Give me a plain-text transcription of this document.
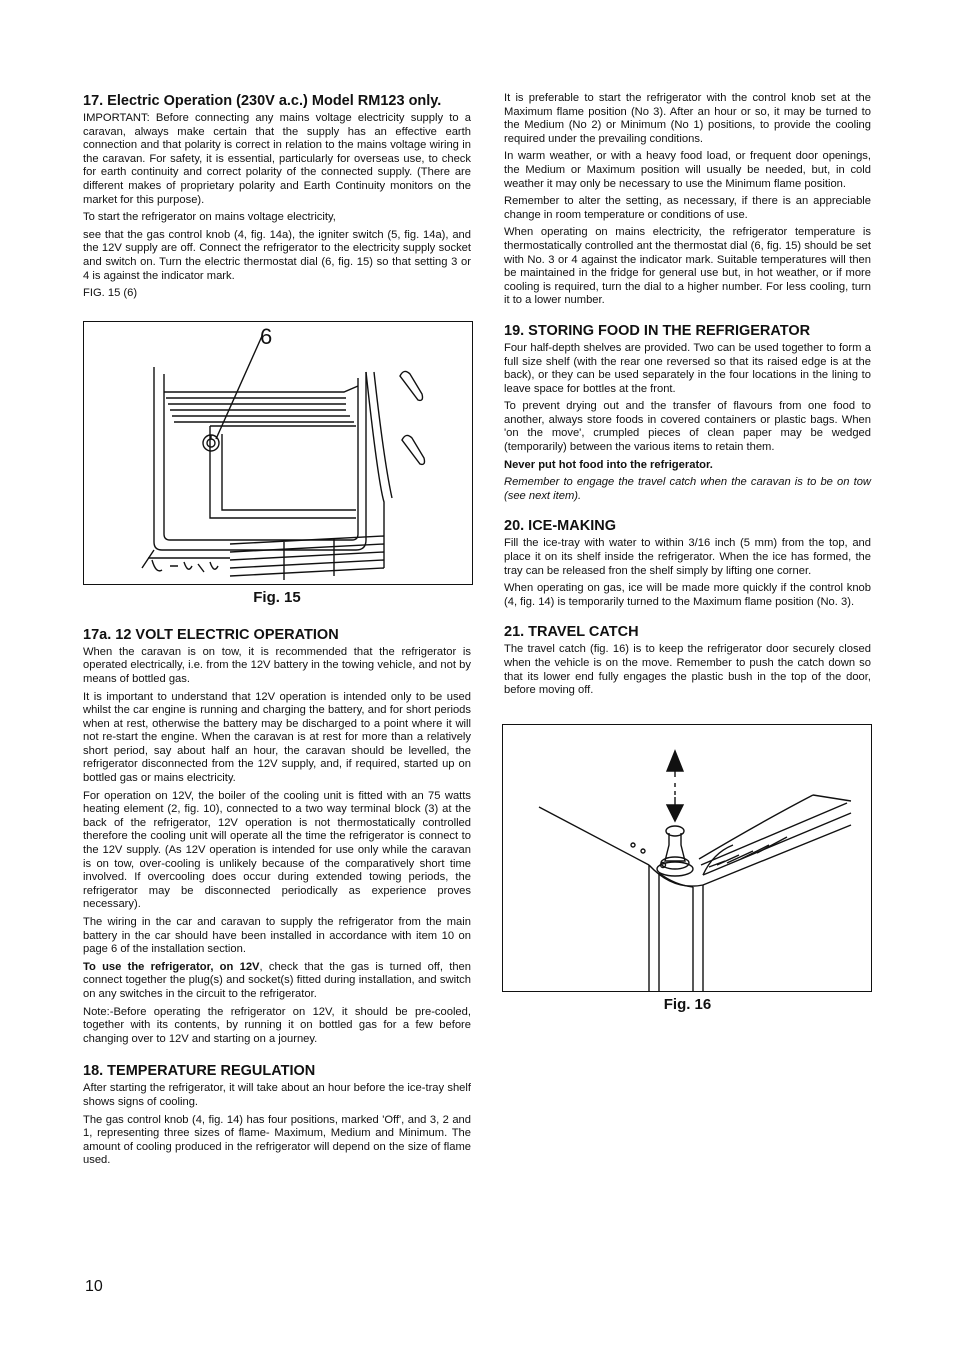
17. Electric Operation (230V a.c.) Model RM123 only.

IMPORTANT: Before connecting any mains voltage electricity supply to a caravan, always make certain that the supply has an effective earth connection and that polarity is correct in relation to the mains voltage wiring in the caravan. For safety, it is essential, particularly for overseas use, to check for earth continuity and correct polarity of the connected supply. (There are different makes of proprietary polarity and Earth Continuity monitors on the market for this purpose).

To start the refrigerator on mains voltage electricity,

see that the gas control knob (4, fig. 14a), the igniter switch (5, fig. 14a), and the 12V supply are off. Connect the refrigerator to the electricity supply socket and switch on. Turn the electric thermostat dial (6, fig. 15) so that setting 3 or 4 is against the indicator mark.

FIG. 15 (6)

6
Fig. 15
17a. 12 VOLT ELECTRIC OPERATION

When the caravan is on tow, it is recommended that the refrigerator is operated electrically, i.e. from the 12V battery in the towing vehicle, and not by means of bottled gas.

It is important to understand that 12V operation is intended only to be used whilst the car engine is running and charging the battery, and for short periods when at rest, otherwise the battery may be discharged to a point where it will not re-start the engine. When the caravan is at rest for more than a relatively short period, say about half an hour, the caravan should be levelled, the refrigerator disconnected from the 12V supply, and, if required, started up on bottled gas or mains electricity.

For operation on 12V, the boiler of the cooling unit is fitted with an 75 watts heating element (2, fig. 10), connected to a two way terminal block (3) at the back of the refrigerator, 12V operation is not thermostatically controlled therefore the cooling unit will operate all the time the refrigerator is connect to the 12V supply. (As 12V operation is intended for use only while the caravan is on tow, over-cooling is unlikely because of the comparatively short time involved. If overcooling does occur during extended towing periods, the refrigerator may be disconnected periodically as experience proves necessary).

The wiring in the car and caravan to supply the refrigerator from the main battery in the car should have been installed in accordance with item 10 on page 6 of the installation section.

To use the refrigerator, on 12V, check that the gas is turned off, then connect together the plug(s) and socket(s) fitted during installation, and switch on any switches in the circuit to the refrigerator.

Note:-Before operating the refrigerator on 12V, it should be pre-cooled, together with its contents, by running it on bottled gas for a few before changing over to 12V and starting on a journey.

18. TEMPERATURE REGULATION

After starting the refrigerator, it will take about an hour before the ice-tray shelf shows signs of cooling.

The gas control knob (4, fig. 14) has four positions, marked 'Off', and 3, 2 and 1, representing three sizes of flame- Maximum, Medium and Minimum. The amount of cooling produced in the refrigerator will depend on the size of flame used.

It is preferable to start the refrigerator with the control knob set at the Maximum flame position (No 3). After an hour or so, it may be turned to the Medium (No 2) or Minimum (No 1) positions, to provide the cooling required under the prevailing conditions.

In warm weather, or with a heavy food load, or frequent door openings, the Medium or Maximum position will usually be needed, but, in cold weather it may only be necessary to use the Minimum flame position.

Remember to alter the setting, as necessary, if there is an appreciable change in room temperature or conditions of use.

When operating on mains electricity, the refrigerator temperature is thermostatically controlled ant the thermostat dial (6, fig. 15) should be set with No. 3 or 4 against the indicator mark. Suitable temperatures will then be maintained in the fridge for general use but, in hot weather, or if more cooling is required, turn the dial to a higher number. For less cooling, turn it to a lower number.

19. STORING FOOD IN THE REFRIGERATOR

Four half-depth shelves are provided. Two can be used together to form a full size shelf (with the rear one reversed so that its raised edge is at the back), or they can be used separately in the four locations in the lining to leave space for bottles at the front.

To prevent drying out and the transfer of flavours from one food to another, always store foods in covered containers or plastic bags. When 'on the move', crumpled pieces of clean paper may be wedged (temporarily) between the various items to retain them.

Never put hot food into the refrigerator.

Remember to engage the travel catch when the caravan is to be on tow (see next item).

20. ICE-MAKING

Fill the ice-tray with water to within 3/16 inch (5 mm) from the top, and place it on its shelf inside the refrigerator. When the ice has formed, the tray can be released fron the shelf simply by lifting one corner.

When operating on gas, ice will be made more quickly if the control knob (4, fig. 14) is temporarily turned to the Maximum flame position (No. 3).

21. TRAVEL CATCH

The travel catch (fig. 16) is to keep the refrigerator door securely closed when the vehicle is on the move. Remember to push the catch down so that its lower end fully engages the plastic bush in the top of the door, before moving off.

Fig. 16
10
